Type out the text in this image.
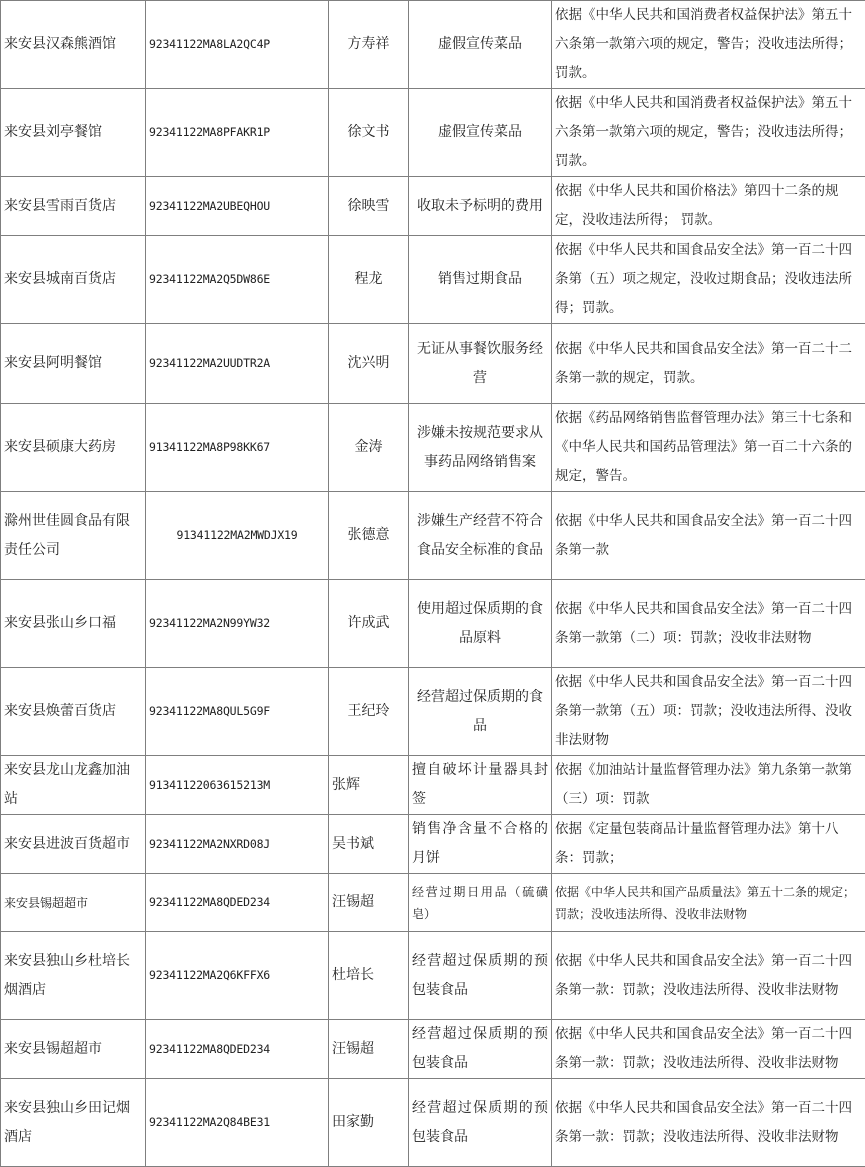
来安县汉森熊酒馆	92341122MA8LA2QC4P	方寿祥	虚假宣传菜品	依据《中华人民共和国消费者权益保护法》第五十六条第一款第六项的规定，警告；没收违法所得；罚款。
来安县刘亭餐馆	92341122MA8PFAKR1P	徐文书	虚假宣传菜品	依据《中华人民共和国消费者权益保护法》第五十六条第一款第六项的规定，警告；没收违法所得；罚款。
来安县雪雨百货店	92341122MA2UBEQHOU	徐映雪	收取未予标明的费用	依据《中华人民共和国价格法》第四十二条的规定，没收违法所得； 罚款。
来安县城南百货店	92341122MA2Q5DW86E	程龙	销售过期食品	依据《中华人民共和国食品安全法》第一百二十四条第（五）项之规定，没收过期食品；没收违法所得；罚款。
来安县阿明餐馆	92341122MA2UUDTR2A	沈兴明	无证从事餐饮服务经营	依据《中华人民共和国食品安全法》第一百二十二条第一款的规定，罚款。
来安县硕康大药房	91341122MA8P98KK67	金涛	涉嫌未按规范要求从事药品网络销售案	依据《药品网络销售监督管理办法》第三十七条和《中华人民共和国药品管理法》第一百二十六条的规定，警告。
滁州世佳圆食品有限责任公司	91341122MA2MWDJX19	张德意	涉嫌生产经营不符合食品安全标准的食品	依据《中华人民共和国食品安全法》第一百二十四条第一款
来安县张山乡口福	92341122MA2N99YW32	许成武	使用超过保质期的食品原料	依据《中华人民共和国食品安全法》第一百二十四条第一款第（二）项：罚款；没收非法财物
来安县焕蕾百货店	92341122MA8QUL5G9F	王纪玲	经营超过保质期的食品	依据《中华人民共和国食品安全法》第一百二十四条第一款第（五）项：罚款；没收违法所得、没收非法财物
来安县龙山龙鑫加油站	91341122063615213M	张辉	擅自破坏计量器具封签	依据《加油站计量监督管理办法》第九条第一款第（三）项：罚款
来安县进波百货超市	92341122MA2NXRD08J	吴书斌	销售净含量不合格的月饼	依据《定量包装商品计量监督管理办法》第十八条：罚款；
来安县锡超超市	92341122MA8QDED234	汪锡超	经营过期日用品（硫磺皂）	依据《中华人民共和国产品质量法》第五十二条的规定；罚款；没收违法所得、没收非法财物
来安县独山乡杜培长烟酒店	92341122MA2Q6KFFX6	杜培长	经营超过保质期的预包装食品	依据《中华人民共和国食品安全法》第一百二十四条第一款：罚款；没收违法所得、没收非法财物
来安县锡超超市	92341122MA8QDED234	汪锡超	经营超过保质期的预包装食品	依据《中华人民共和国食品安全法》第一百二十四条第一款：罚款；没收违法所得、没收非法财物
来安县独山乡田记烟酒店	92341122MA2Q84BE31	田家勤	经营超过保质期的预包装食品	依据《中华人民共和国食品安全法》第一百二十四条第一款：罚款；没收违法所得、没收非法财物
